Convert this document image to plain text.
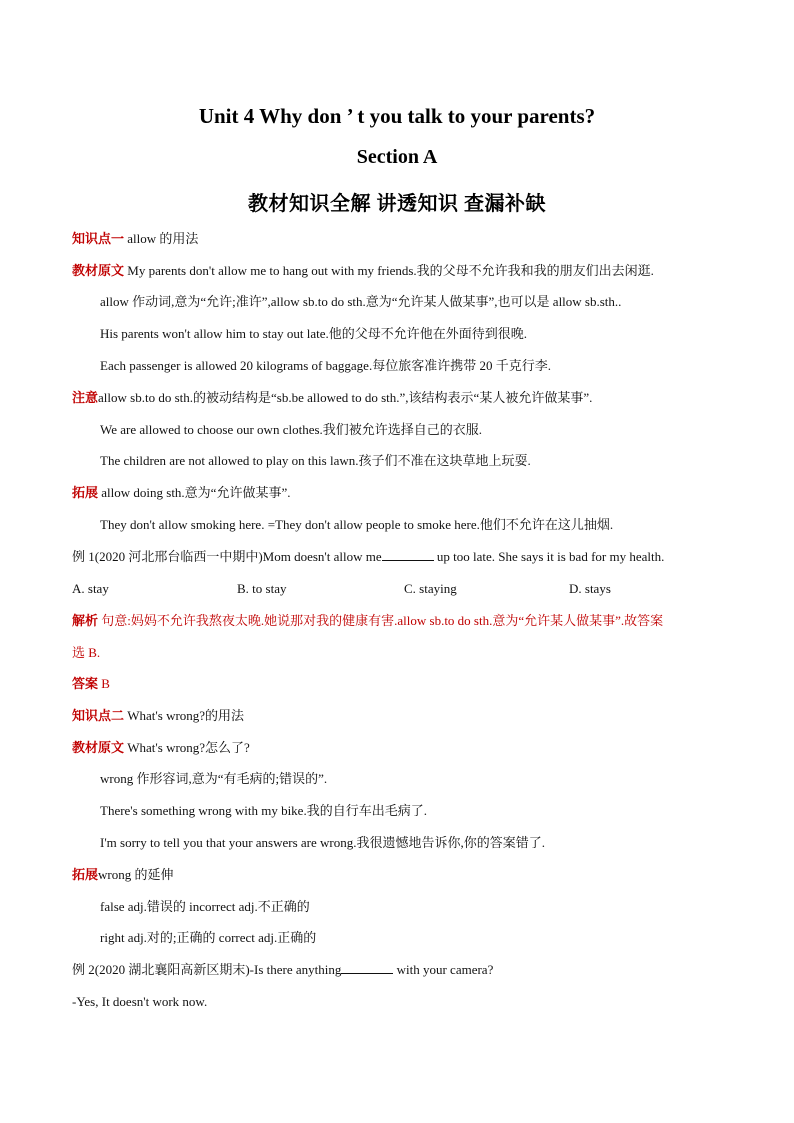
Unit 4 Why don ’ t you talk to your parents?
Section A
教材知识全解 讲透知识 查漏补缺
知识点一 allow 的用法
教材原文 My parents don't allow me to hang out with my friends.我的父母不允许我和我的朋友们出去闲逛.
allow 作动词,意为“允许;准许”,allow sb.to do sth.意为“允许某人做某事”,也可以是 allow sb.sth..
His parents won't allow him to stay out late.他的父母不允许他在外面待到很晚.
Each passenger is allowed 20 kilograms of baggage.每位旅客准许携带 20 千克行李.
注意allow sb.to do sth.的被动结构是“sb.be allowed to do sth.”,该结构表示“某人被允许做某事”.
We are allowed to choose our own clothes.我们被允许选择自己的衣服.
The children are not allowed to play on this lawn.孩子们不准在这块草地上玩耍.
拓展 allow doing sth.意为“允许做某事”.
They don't allow smoking here. =They don't allow people to smoke here.他们不允许在这儿抽烟.
例 1(2020 河北邢台临西一中期中)Mom doesn't allow me	up too late. She says it is bad for my health.
A. stay	B. to stay	C. staying	D. stays
解析 句意:妈妈不允许我熬夜太晚.她说那对我的健康有害.allow sb.to do sth.意为“允许某人做某事”.故答案
选 B.
答案 B
知识点二 What's wrong?的用法
教材原文 What's wrong?怎么了?
wrong 作形容词,意为“有毛病的;错误的”.
There's something wrong with my bike.我的自行车出毛病了.
I'm sorry to tell you that your answers are wrong.我很遗憾地告诉你,你的答案错了.
拓展wrong 的延伸
false adj.错误的 incorrect adj.不正确的
right adj.对的;正确的 correct adj.正确的
例 2(2020 湖北襄阳高新区期末)-Is there anything	with your camera?
-Yes, It doesn't work now.
